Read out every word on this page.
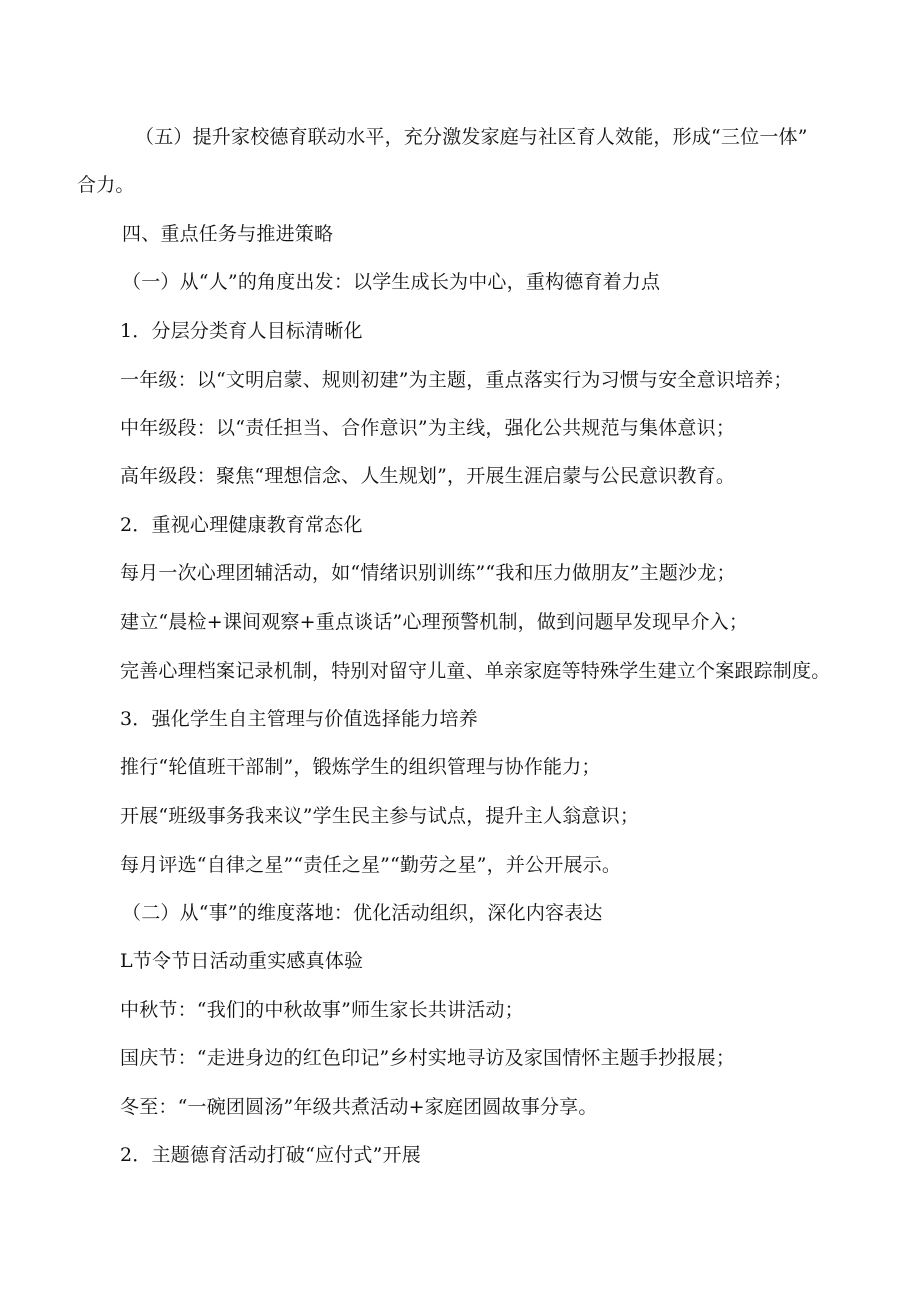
（五）提升家校德育联动水平，充分激发家庭与社区育人效能，形成“三位一体”
合力。
四、重点任务与推进策略
（一）从“人”的角度出发：以学生成长为中心，重构德育着力点
1．分层分类育人目标清晰化
一年级：以“文明启蒙、规则初建”为主题，重点落实行为习惯与安全意识培养；
中年级段：以“责任担当、合作意识”为主线，强化公共规范与集体意识；
高年级段：聚焦“理想信念、人生规划”，开展生涯启蒙与公民意识教育。
2．重视心理健康教育常态化
每月一次心理团辅活动，如“情绪识别训练”“我和压力做朋友”主题沙龙；
建立“晨检+课间观察+重点谈话”心理预警机制，做到问题早发现早介入；
完善心理档案记录机制，特别对留守儿童、单亲家庭等特殊学生建立个案跟踪制度。
3．强化学生自主管理与价值选择能力培养
推行“轮值班干部制”，锻炼学生的组织管理与协作能力；
开展“班级事务我来议”学生民主参与试点，提升主人翁意识；
每月评选“自律之星”“责任之星”“勤劳之星”，并公开展示。
（二）从“事”的维度落地：优化活动组织，深化内容表达
L节令节日活动重实感真体验
中秋节：“我们的中秋故事”师生家长共讲活动；
国庆节：“走进身边的红色印记”乡村实地寻访及家国情怀主题手抄报展；
冬至：“一碗团圆汤”年级共煮活动+家庭团圆故事分享。
2．主题德育活动打破“应付式”开展
